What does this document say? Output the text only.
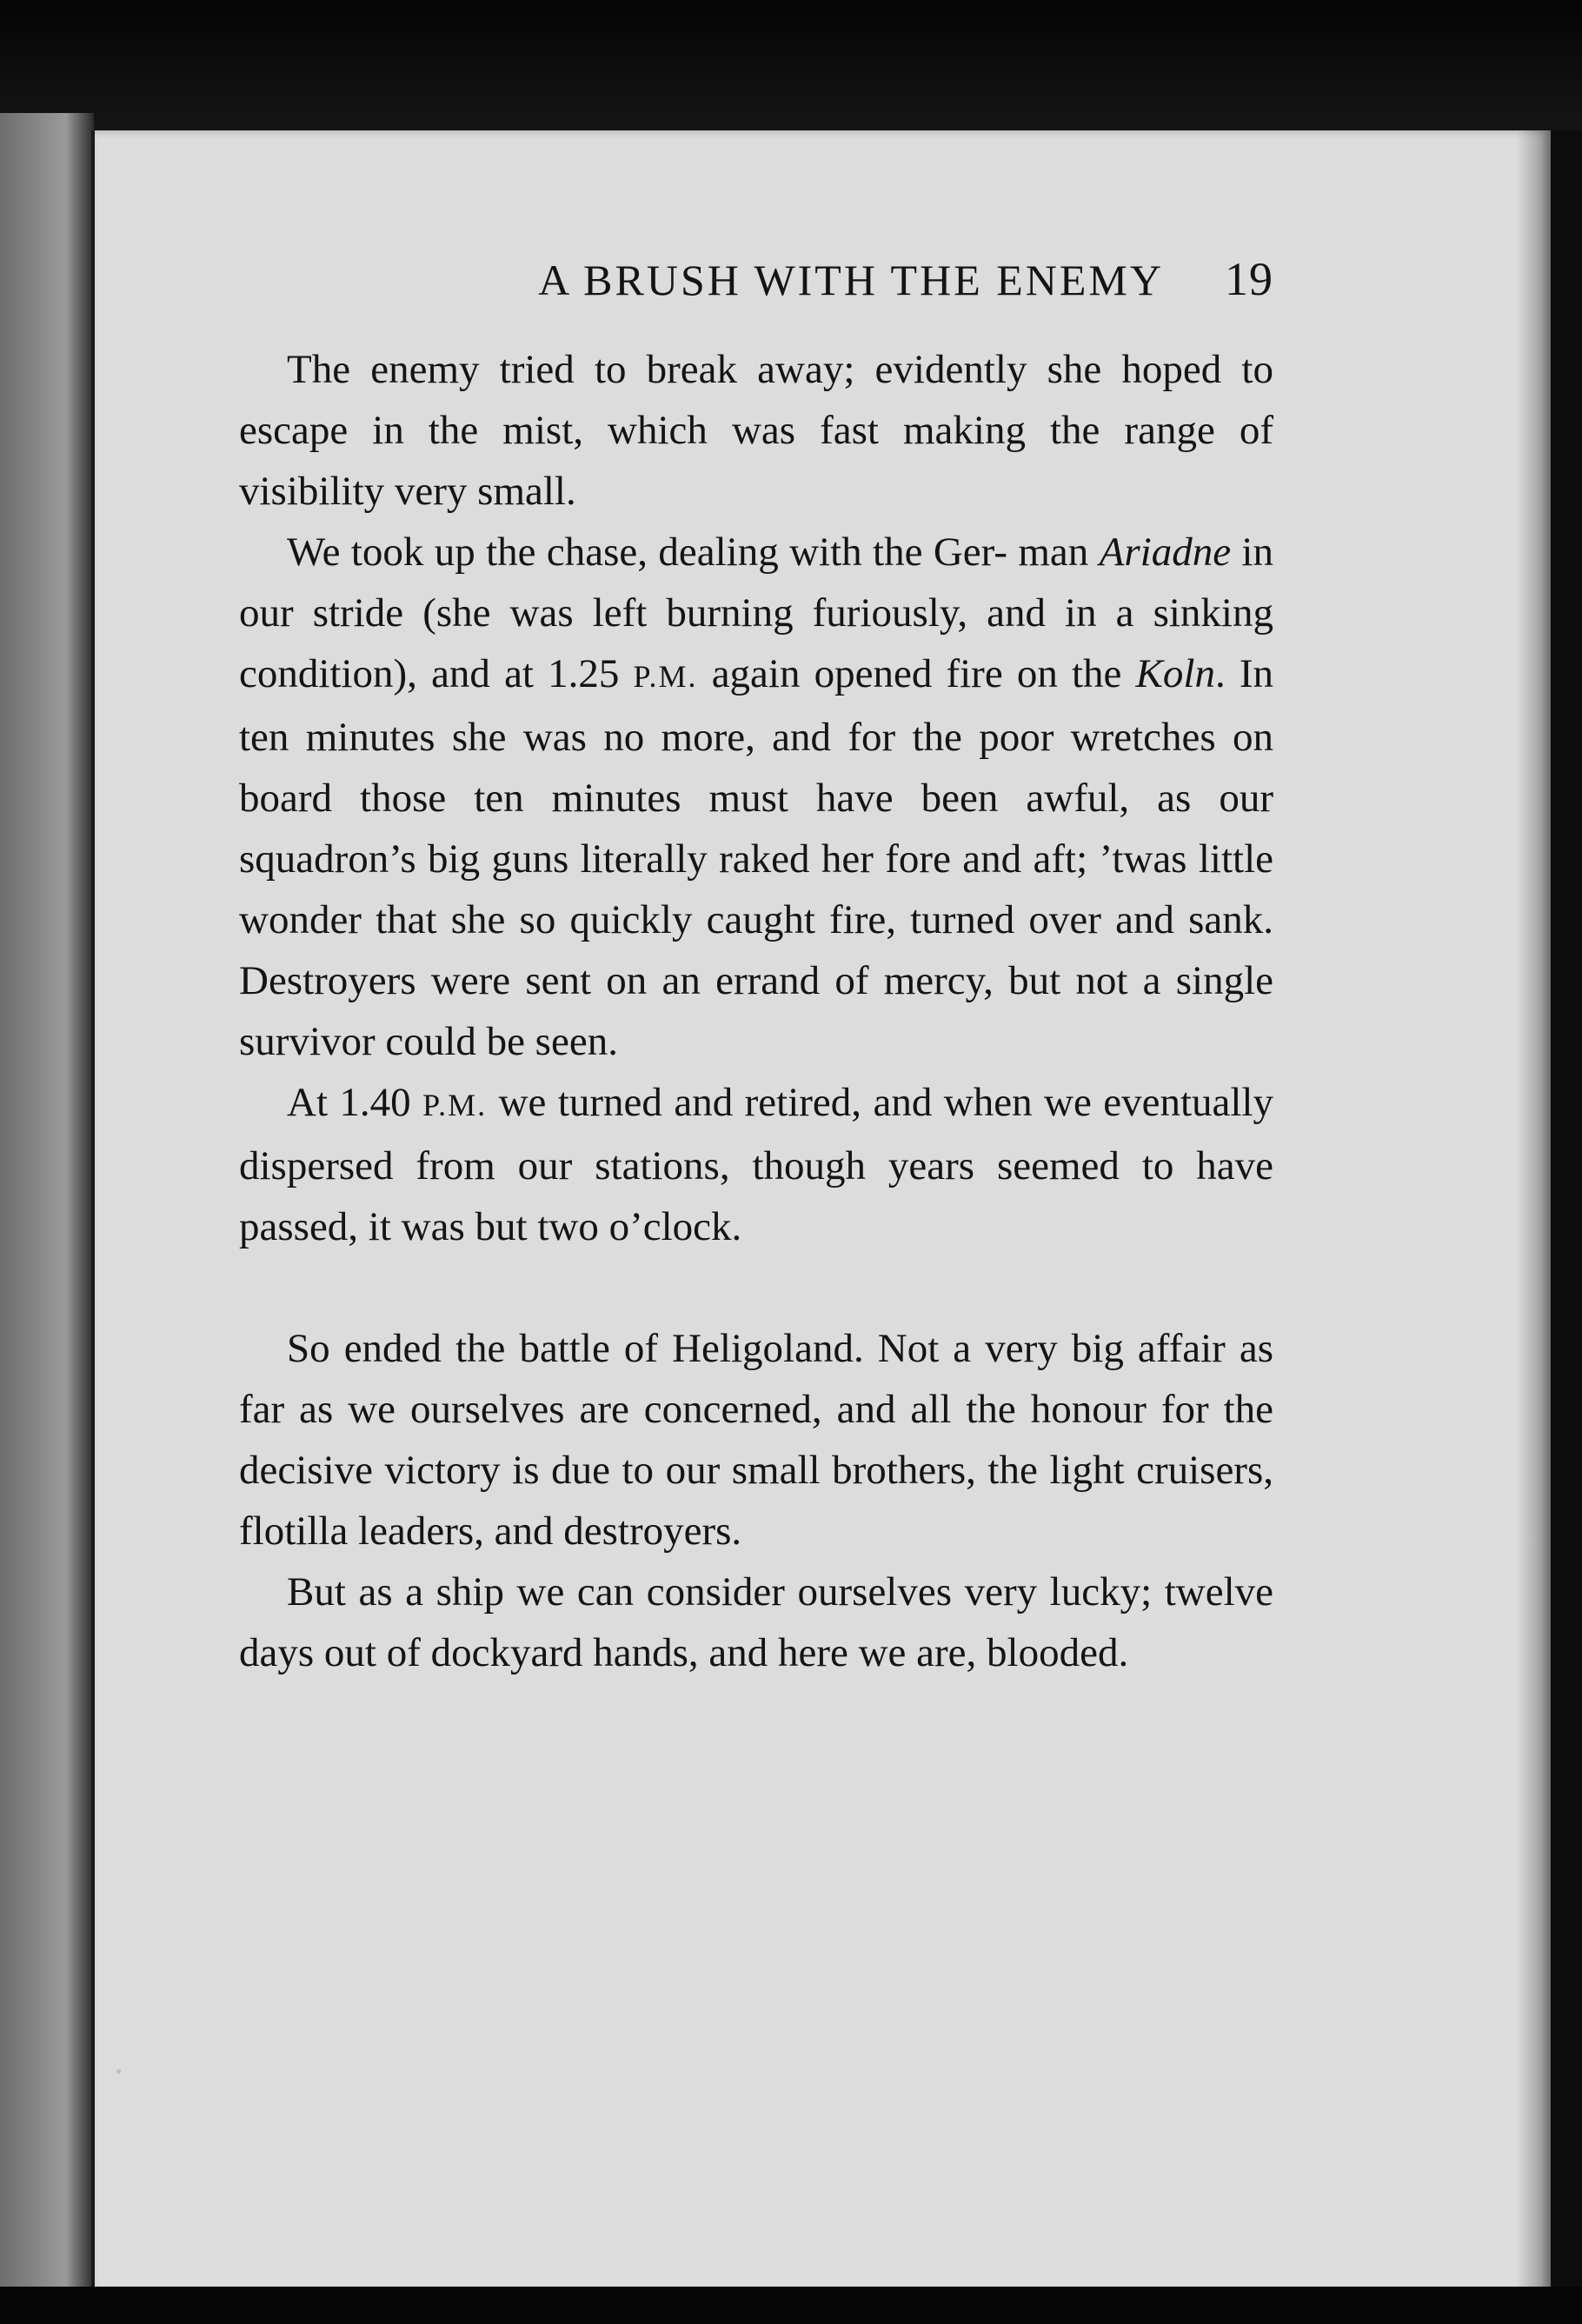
A BRUSH WITH THE ENEMY 19

The enemy tried to break away; evidently she hoped to escape in the mist, which was fast making the range of visibility very small.

We took up the chase, dealing with the Ger- man Ariadne in our stride (she was left burning furiously, and in a sinking condition), and at 1.25 P.M. again opened fire on the Koln. In ten minutes she was no more, and for the poor wretches on board those ten minutes must have been awful, as our squadron’s big guns literally raked her fore and aft; ’twas little wonder that she so quickly caught fire, turned over and sank. Destroyers were sent on an errand of mercy, but not a single survivor could be seen.

At 1.40 P.M. we turned and retired, and when we eventually dispersed from our stations, though years seemed to have passed, it was but two o’clock.

So ended the battle of Heligoland. Not a very big affair as far as we ourselves are concerned, and all the honour for the decisive victory is due to our small brothers, the light cruisers, flotilla leaders, and destroyers.

But as a ship we can consider ourselves very lucky; twelve days out of dockyard hands, and here we are, blooded.
